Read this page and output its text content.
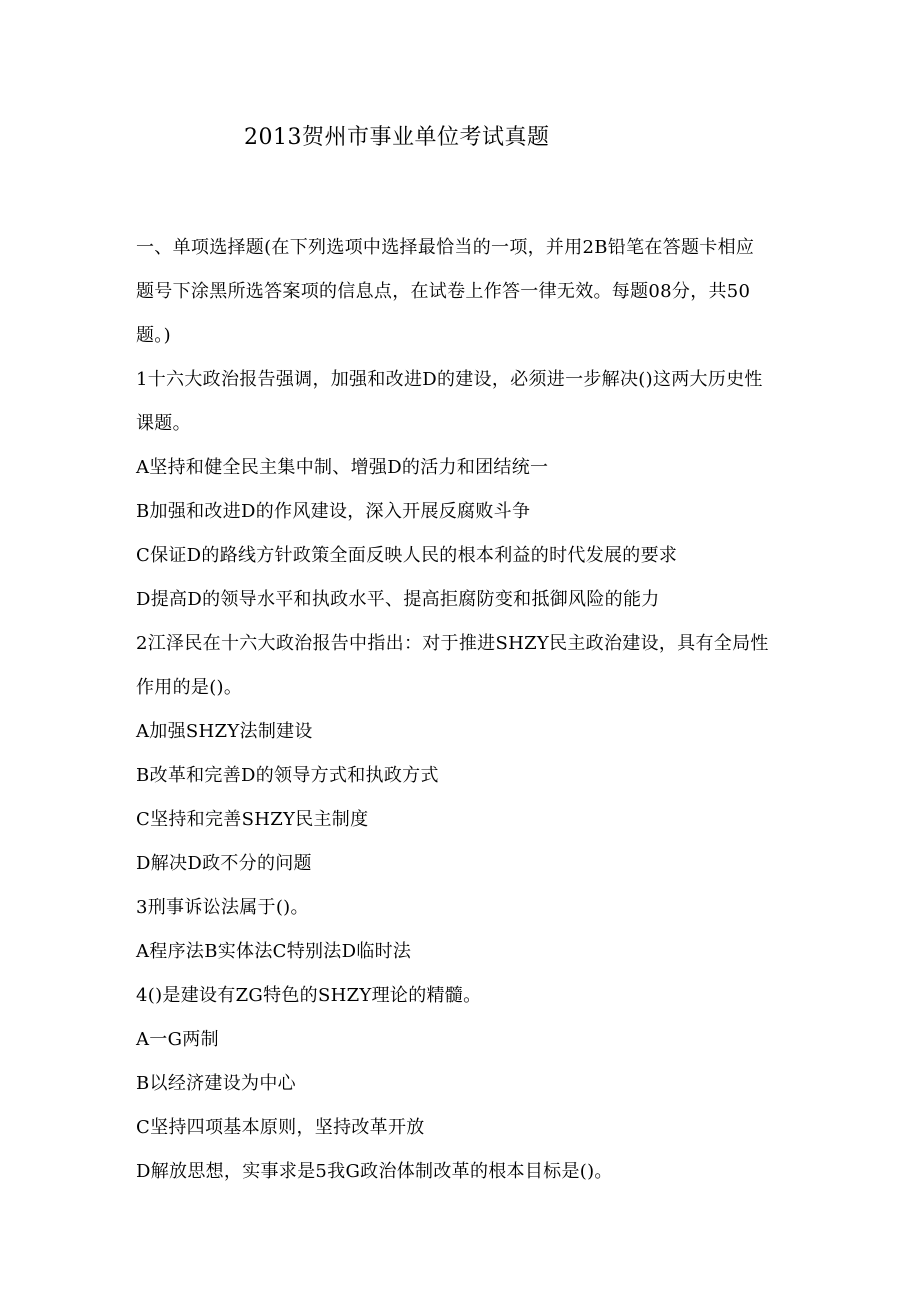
2013贺州市事业单位考试真题
一、单项选择题(在下列选项中选择最恰当的一项，并用2B铅笔在答题卡相应
题号下涂黑所选答案项的信息点，在试卷上作答一律无效。每题08分，共50
题。)
1十六大政治报告强调，加强和改进D的建设，必须进一步解决()这两大历史性
课题。
A坚持和健全民主集中制、增强D的活力和团结统一
B加强和改进D的作风建设，深入开展反腐败斗争
C保证D的路线方针政策全面反映人民的根本利益的时代发展的要求
D提高D的领导水平和执政水平、提高拒腐防变和抵御风险的能力
2江泽民在十六大政治报告中指出：对于推进SHZY民主政治建设，具有全局性
作用的是()。
A加强SHZY法制建设
B改革和完善D的领导方式和执政方式
C坚持和完善SHZY民主制度
D解决D政不分的问题
3刑事诉讼法属于()。
A程序法B实体法C特别法D临时法
4()是建设有ZG特色的SHZY理论的精髓。
A一G两制
B以经济建设为中心
C坚持四项基本原则，坚持改革开放
D解放思想，实事求是5我G政治体制改革的根本目标是()。
